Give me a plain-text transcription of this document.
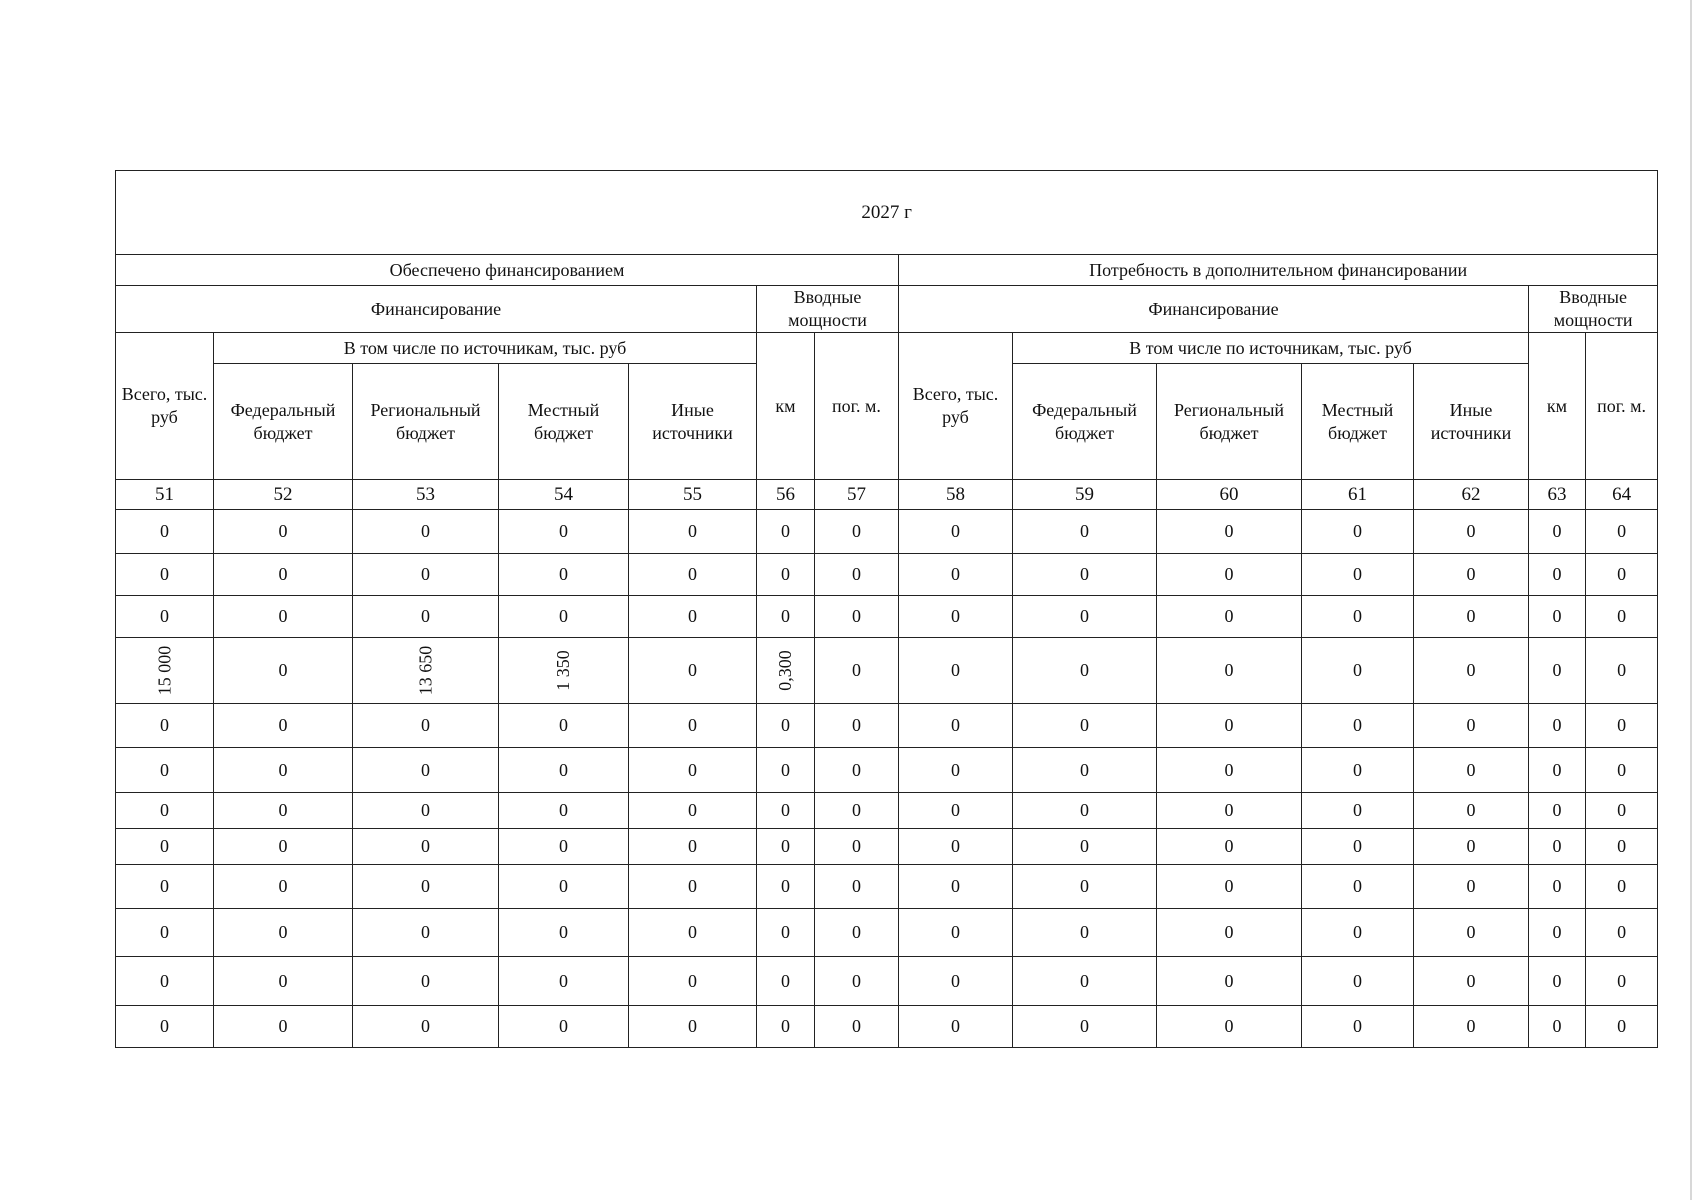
2027 г													
Обеспечено финансированием							Потребность в дополнительном финансировании						
Финансирование					Вводные мощности		Финансирование					Вводные мощности	
Всего, тыс. руб	В том числе по источникам, тыс. руб				км	пог. м.	Всего, тыс. руб	В том числе по источникам, тыс. руб				км	пог. м.
	Федеральный бюджет	Региональный бюджет	Местный бюджет	Иные источники				Федеральный бюджет	Региональный бюджет	Местный бюджет	Иные источники		
51	52	53	54	55	56	57	58	59	60	61	62	63	64
0	0	0	0	0	0	0	0	0	0	0	0	0	0
0	0	0	0	0	0	0	0	0	0	0	0	0	0
0	0	0	0	0	0	0	0	0	0	0	0	0	0
15 000	0	13 650	1 350	0	0,300	0	0	0	0	0	0	0	0
0	0	0	0	0	0	0	0	0	0	0	0	0	0
0	0	0	0	0	0	0	0	0	0	0	0	0	0
0	0	0	0	0	0	0	0	0	0	0	0	0	0
0	0	0	0	0	0	0	0	0	0	0	0	0	0
0	0	0	0	0	0	0	0	0	0	0	0	0	0
0	0	0	0	0	0	0	0	0	0	0	0	0	0
0	0	0	0	0	0	0	0	0	0	0	0	0	0
0	0	0	0	0	0	0	0	0	0	0	0	0	0
